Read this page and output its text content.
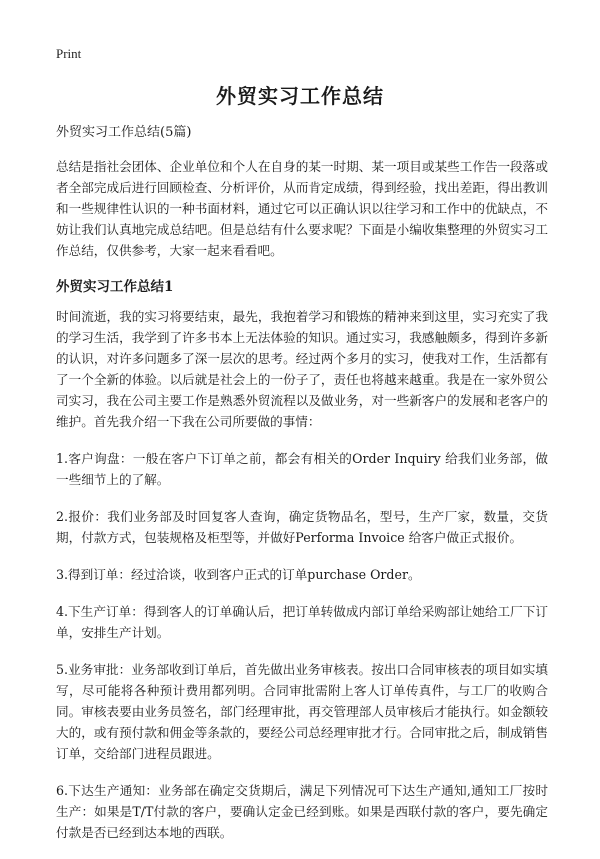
Print
外贸实习工作总结

外贸实习工作总结(5篇)

总结是指社会团体、企业单位和个人在自身的某一时期、某一项目或某些工作告一段落或者全部完成后进行回顾检查、分析评价，从而肯定成绩，得到经验，找出差距，得出教训和一些规律性认识的一种书面材料，通过它可以正确认识以往学习和工作中的优缺点，不妨让我们认真地完成总结吧。但是总结有什么要求呢？下面是小编收集整理的外贸实习工作总结，仅供参考，大家一起来看看吧。

外贸实习工作总结1

时间流逝，我的实习将要结束，最先，我抱着学习和锻炼的精神来到这里，实习充实了我的学习生活，我学到了许多书本上无法体验的知识。通过实习，我感触颇多，得到许多新的认识，对许多问题多了深一层次的思考。经过两个多月的实习，使我对工作，生活都有了一个全新的体验。以后就是社会上的一份子了，责任也将越来越重。我是在一家外贸公司实习，我在公司主要工作是熟悉外贸流程以及做业务，对一些新客户的发展和老客户的维护。首先我介绍一下我在公司所要做的事情：

1.客户询盘：一般在客户下订单之前，都会有相关的Order Inquiry 给我们业务部，做一些细节上的了解。

2.报价：我们业务部及时回复客人查询，确定货物品名，型号，生产厂家，数量，交货期，付款方式，包装规格及柜型等，并做好Performa Invoice 给客户做正式报价。

3.得到订单：经过洽谈，收到客户正式的订单purchase Order。

4.下生产订单：得到客人的订单确认后，把订单转做成内部订单给采购部让她给工厂下订单，安排生产计划。

5.业务审批：业务部收到订单后，首先做出业务审核表。按出口合同审核表的项目如实填写，尽可能将各种预计费用都列明。合同审批需附上客人订单传真件，与工厂的收购合同。审核表要由业务员签名，部门经理审批，再交管理部人员审核后才能执行。如金额较大的，或有预付款和佣金等条款的，要经公司总经理审批才行。合同审批之后，制成销售订单，交给部门进程员跟进。

6.下达生产通知：业务部在确定交货期后，满足下列情况可下达生产通知,通知工厂按时生产：如果是T/T付款的客户，要确认定金已经到账。如果是西联付款的客户，要先确定付款是否已经到达本地的西联。
